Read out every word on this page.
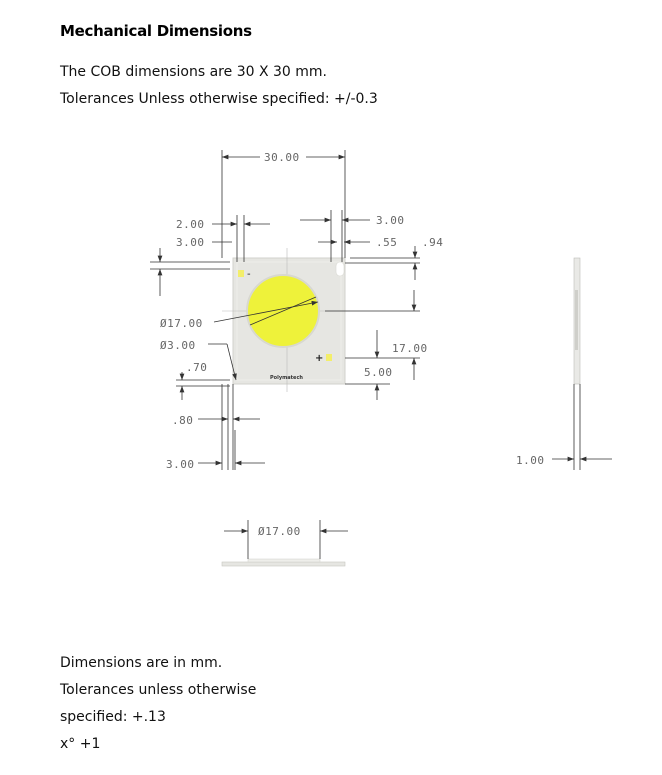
Mechanical Dimensions
The COB dimensions are 30 X 30 mm.
Tolerances Unless otherwise specified: +/-0.3
-
+
Polymatech
30.00
2.00
3.00
3.00
.55 .94
Ø17.00
Ø3.00
.70
.80
3.00
17.00
5.00
1.00
Ø17.00
Dimensions are in mm.
Tolerances unless otherwise
specified: +.13
x° +1
